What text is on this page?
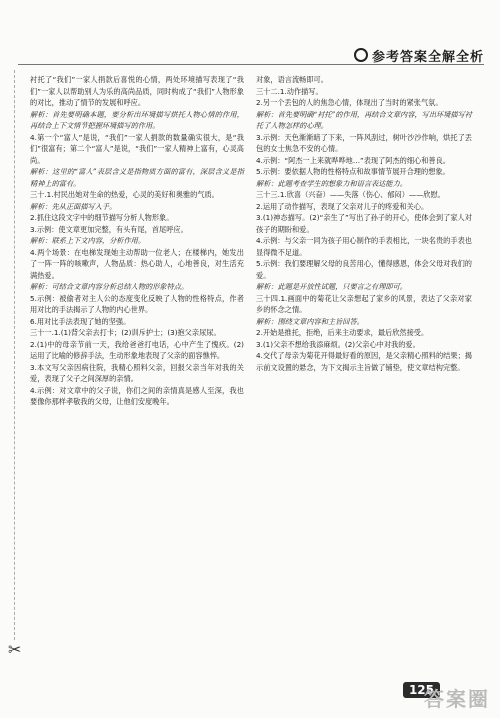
参考答案全解全析

衬托了“我们”一家人捐款后喜悦的心情，两处环境描写表现了“我们”一家人以帮助别人为乐的高尚品质，同时构成了“我们”人物形象的对比，推动了情节的发展和呼应。

解析：首先要明确本题，要分析出环境描写烘托人物心情的作用，再结合上下文情节把握环境描写的作用。

4.第一个“富人”是说，“我们”一家人捐款的数量确实很大，是“我们”很富有；第二个“富人”是说，“我们”一家人精神上富有，心灵高尚。

解析：这里的“富人”表层含义是指物质方面的富有，深层含义是指精神上的富有。

三十.1.村民出她对生命的热爱，心灵的美好和奥雅的气质。

解析：先从正面描写入手。

2.抓住这段文字中的细节描写分析人物形象。

3.示例：使文章更加完整，有头有尾，首尾呼应。

解析：联系上下文内容，分析作用。

4.两个场景：在电梯发现她主动帮助一位老人；在楼梯内，她发出了一阵一阵的咳嗽声，人物品质：热心助人，心地善良，对生活充满热爱。

解析：可结合文章内容分析总结人物的形象特点。

5.示例：被偷者对主人公的态度变化反映了人物的性格特点，作者用对比的手法揭示了人物的内心世界。

6.用对比手法表现了她的坚强。

三十一.1.(1)背父亲去打卡；(2)训斥护士；(3)抱父亲尿尿。

2.(1)中的母亲节前一天，我给爸爸打电话，心中产生了愧疚。(2)运用了比喻的修辞手法，生动形象地表现了父亲的面容憔悴。

3.本文写父亲因病住院，我精心照料父亲，回报父亲当年对我的关爱，表现了父子之间深厚的亲情。

4.示例：对文章中的父子说，你们之间的亲情真是感人至深，我也要像你那样孝敬我的父母，让他们安度晚年。

对象，语言流畅即可。

三十二.1.动作描写。

2.另一个丢包的人的焦急心情，体现出了当时的紧张气氛。

解析：首先要明确“衬托”的作用，再结合文章内容，写出环境描写衬托了人物怎样的心理。

3.示例：天色渐渐暗了下来，一阵风刮过，树叶沙沙作响，烘托了丢包的女士焦急不安的心情。

4.示例：“阿杰一上来就哗哗地…”表现了阿杰的细心和善良。

5.示例：要依据人物的性格特点和故事情节展开合理的想象。

解析：此题考查学生的想象力和语言表达能力。

三十三.1.欣喜（兴奋）——失落（伤心、郁闷）——欣慰。

2.运用了动作描写，表现了父亲对儿子的疼爱和关心。

3.(1)神态描写。(2)“亲生了”写出了孙子的开心，使体会到了家人对孩子的期盼和爱。

4.示例：与父亲一同为孩子用心制作的手表相比，一块名贵的手表也显得微不足道。

5.示例：我们要理解父母的良苦用心，懂得感恩，体会父母对我们的爱。

解析：此题是开放性试题，只要言之有理即可。

三十四.1.画面中的菊花让父亲想起了家乡的风景，表达了父亲对家乡的怀念之情。

解析：围绕文章内容和主旨回答。

2.开始是推托，拒绝，后来主动要求，最后欣然接受。

3.(1)父亲不想给我添麻烦。(2)父亲心中对我的爱。

4.交代了母亲为菊花开得最好看的原因，是父亲精心照料的结果；揭示前文设置的悬念，为下文揭示主旨做了铺垫，使文章结构完整。

✂
125
答案圈
